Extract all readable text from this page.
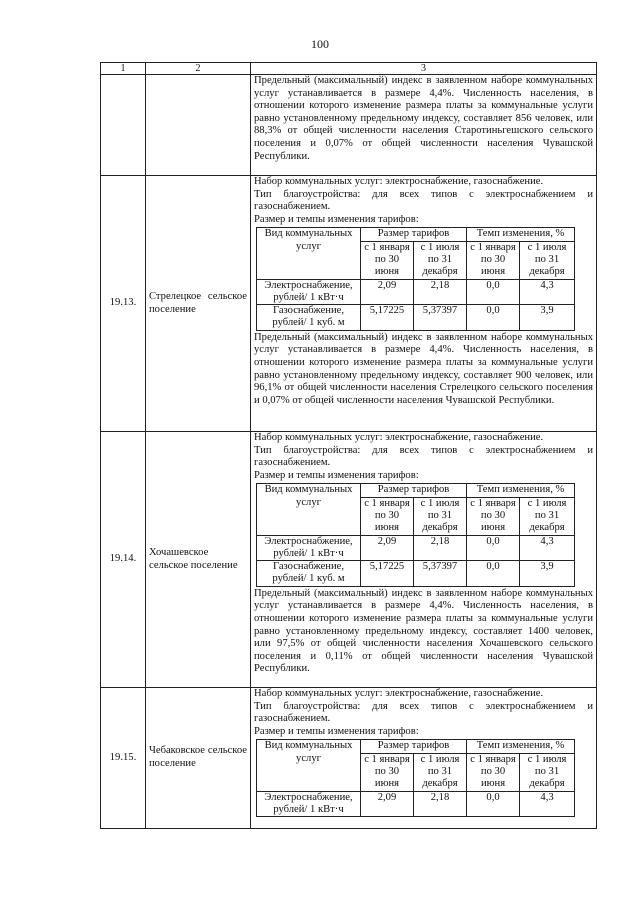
100
1	2	3

Предельный (максимальный) индекс в заявленном наборе коммунальных услуг устанавливается в размере 4,4%. Численность населения, в отношении которого изменение размера платы за коммунальные услуги равно установленному предельному индексу, составляет 856 человек, или 88,3% от общей численности населения Старотиньгешского сельского поселения и 0,07% от общей численности населения Чувашской Республики.

19.13.	Стрелецкое сельское поселение	
Набор коммунальных услуг: электроснабжение, газоснабжение.
Тип благоустройства: для всех типов с электроснабжением и газоснабжением.
Размер и темпы изменения тарифов:
Вид коммунальных услуг	Размер тарифов	Темп изменения, %
с 1 января по 30 июня	с 1 июля по 31 декабря	с 1 января по 30 июня	с 1 июля по 31 декабря
Электроснабжение, рублей/ 1 кВт·ч	2,09	2,18	0,0	4,3
Газоснабжение, рублей/ 1 куб. м	5,17225	5,37397	0,0	3,9
Предельный (максимальный) индекс в заявленном наборе коммунальных услуг устанавливается в размере 4,4%. Численность населения, в отношении которого изменение размера платы за коммунальные услуги равно установленному предельному индексу, составляет 900 человек, или 96,1% от общей численности населения Стрелецкого сельского поселения и 0,07% от общей численности населения Чувашской Республики.

19.14.	Хочашевское сельское поселение	
Набор коммунальных услуг: электроснабжение, газоснабжение.
Тип благоустройства: для всех типов с электроснабжением и газоснабжением.
Размер и темпы изменения тарифов:
Вид коммунальных услуг	Размер тарифов	Темп изменения, %
с 1 января по 30 июня	с 1 июля по 31 декабря	с 1 января по 30 июня	с 1 июля по 31 декабря
Электроснабжение, рублей/ 1 кВт·ч	2,09	2,18	0,0	4,3
Газоснабжение, рублей/ 1 куб. м	5,17225	5,37397	0,0	3,9
Предельный (максимальный) индекс в заявленном наборе коммунальных услуг устанавливается в размере 4,4%. Численность населения, в отношении которого изменение размера платы за коммунальные услуги равно установленному предельному индексу, составляет 1400 человек, или 97,5% от общей численности населения Хочашевского сельского поселения и 0,11% от общей численности населения Чувашской Республики.

19.15.	Чебаковское сельское поселение	
Набор коммунальных услуг: электроснабжение, газоснабжение.
Тип благоустройства: для всех типов с электроснабжением и газоснабжением.
Размер и темпы изменения тарифов:
Вид коммунальных услуг	Размер тарифов	Темп изменения, %
с 1 января по 30 июня	с 1 июля по 31 декабря	с 1 января по 30 июня	с 1 июля по 31 декабря
Электроснабжение, рублей/ 1 кВт·ч	2,09	2,18	0,0	4,3
